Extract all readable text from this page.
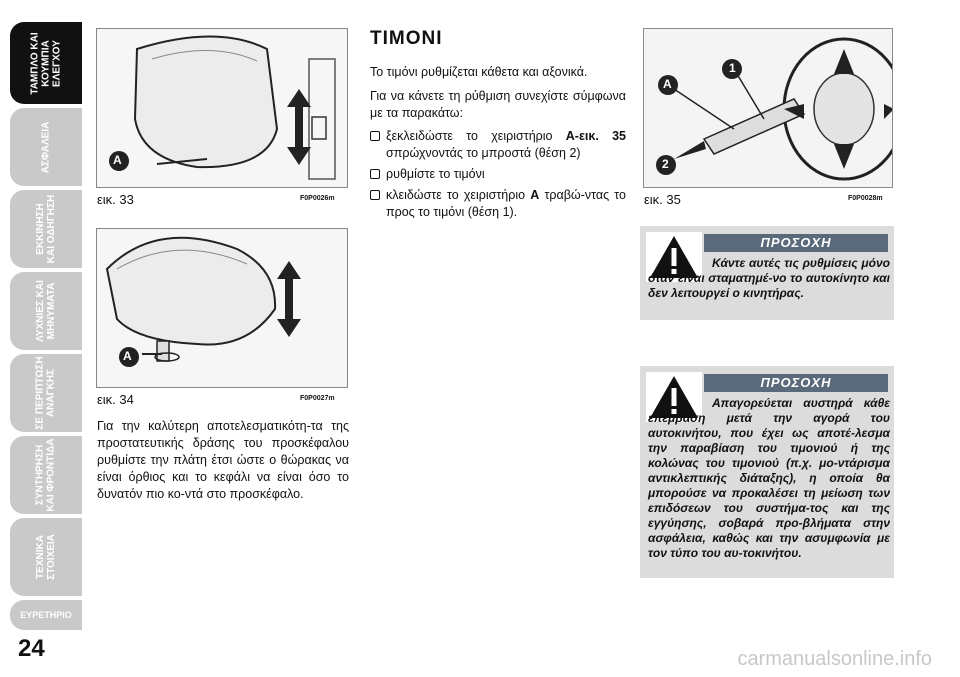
ΤΑΜΠΛΟ ΚΑΙ
ΚΟΥΜΠΙΑ
ΕΛΕΓΧΟΥ
ΑΣΦΑΛΕΙΑ
ΕΚΚΙΝΗΣΗ
ΚΑΙ ΟΔΗΓΗΣΗ
ΛΥΧΝΙΕΣ ΚΑΙ
ΜΗΝΥΜΑΤΑ
ΣΕ ΠΕΡΙΠΤΩΣΗ
ΑΝΑΓΚΗΣ
ΣΥΝΤΗΡΗΣΗ
ΚΑΙ ΦΡΟΝΤΙΔΑ
ΤΕΧΝΙΚΑ
ΣΤΟΙΧΕΙΑ
ΕΥΡΕΤΗΡΙΟ
24
A
εικ. 33	F0P0026m
A
εικ. 34	F0P0027m
Για την καλύτερη αποτελεσματικότη-τα της προστατευτικής δράσης του προσκέφαλου ρυθμίστε την πλάτη έτσι ώστε ο θώρακας να είναι όρθιος και το κεφάλι να είναι όσο το δυνατόν πιο κο-ντά στο προσκέφαλο.
ΤΙΜΟΝΙ
Το τιμόνι ρυθμίζεται κάθετα και αξονικά.
Για να κάνετε τη ρύθμιση συνεχίστε σύμφωνα με τα παρακάτω:
ξεκλειδώστε το χειριστήριο Α-εικ. 35 σπρώχνοντάς το μπροστά (θέση 2)
ρυθμίστε το τιμόνι
κλειδώστε το χειριστήριο Α τραβώ-ντας το προς το τιμόνι (θέση 1).
A
1
2
εικ. 35	F0P0028m
ΠΡΟΣΟΧΗ
Κάντε αυτές τις ρυθμίσεις μόνο όταν είναι σταματημέ-νο το αυτοκίνητο και δεν λειτουργεί ο κινητήρας.
ΠΡΟΣΟΧΗ
Απαγορεύεται αυστηρά κάθε επέμβαση μετά την αγορά του αυτοκινήτου, που έχει ως αποτέ-λεσμα την παραβίαση του τιμονιού ή της κολώνας του τιμονιού (π.χ. μο-ντάρισμα αντικλεπτικής διάταξης), η οποία θα μπορούσε να προκαλέσει τη μείωση των επιδόσεων του συστήμα-τος και της εγγύησης, σοβαρά προ-βλήματα στην ασφάλεια, καθώς και την ασυμφωνία με τον τύπο του αυ-τοκινήτου.
carmanualsonline.info
